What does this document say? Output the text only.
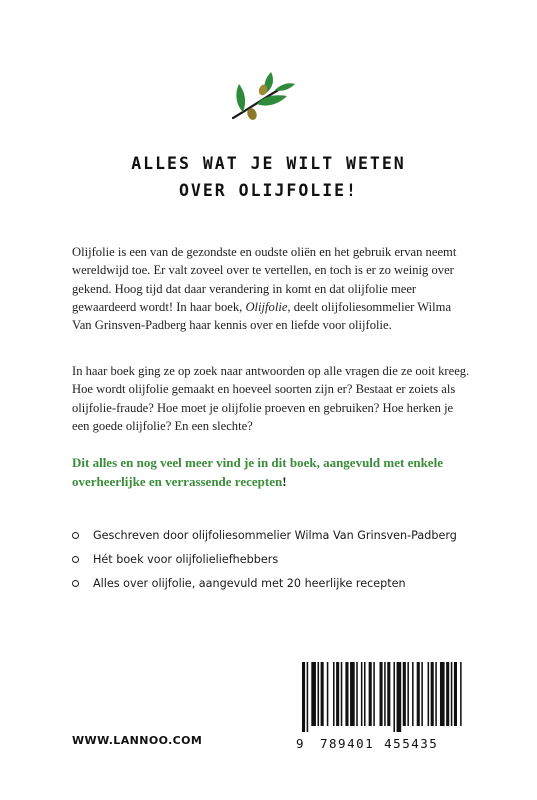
ALLES WAT JE WILT WETEN
OVER OLIJFOLIE!

Olijfolie is een van de gezondste en oudste oliën en het gebruik ervan neemt wereldwijd toe. Er valt zoveel over te vertellen, en toch is er zo weinig over gekend. Hoog tijd dat daar verandering in komt en dat olijfolie meer gewaardeerd wordt! In haar boek, Olijfolie, deelt olijfoliesommelier Wilma Van Grinsven-Padberg haar kennis over en liefde voor olijfolie.

In haar boek ging ze op zoek naar antwoorden op alle vragen die ze ooit kreeg. Hoe wordt olijfolie gemaakt en hoeveel soorten zijn er? Bestaat er zoiets als olijfolie-fraude? Hoe moet je olijfolie proeven en gebruiken? Hoe herken je een goede olijfolie? En een slechte?

Dit alles en nog veel meer vind je in dit boek, aangevuld met enkele overheerlijke en verrassende recepten!

Geschreven door olijfoliesommelier Wilma Van Grinsven-Padberg
Hét boek voor olijfolieliefhebbers
Alles over olijfolie, aangevuld met 20 heerlijke recepten
WWW.LANNOO.COM	9	789401 455435
